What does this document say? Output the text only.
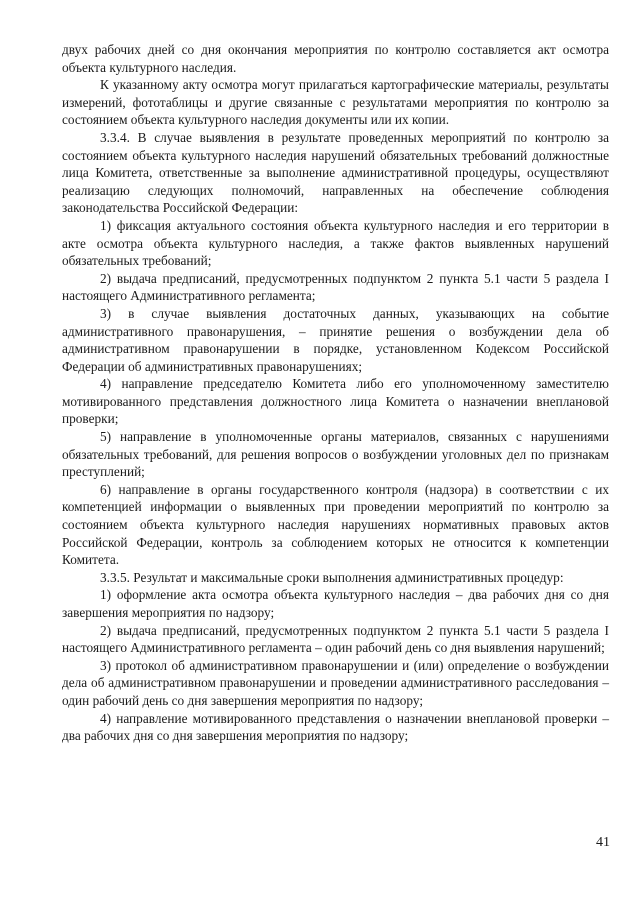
двух рабочих дней со дня окончания мероприятия по контролю составляется акт осмотра объекта культурного наследия.

К указанному акту осмотра могут прилагаться картографические материалы, результаты измерений, фототаблицы и другие связанные с результатами мероприятия по контролю за состоянием объекта культурного наследия документы или их копии.

3.3.4. В случае выявления в результате проведенных мероприятий по контролю за состоянием объекта культурного наследия нарушений обязательных требований должностные лица Комитета, ответственные за выполнение административной процедуры, осуществляют реализацию следующих полномочий, направленных на обеспечение соблюдения законодательства Российской Федерации:

1) фиксация актуального состояния объекта культурного наследия и его территории в акте осмотра объекта культурного наследия, а также фактов выявленных нарушений обязательных требований;

2) выдача предписаний, предусмотренных подпунктом 2 пункта 5.1 части 5 раздела I настоящего Административного регламента;

3) в случае выявления достаточных данных, указывающих на событие административного правонарушения, – принятие решения о возбуждении дела об административном правонарушении в порядке, установленном Кодексом Российской Федерации об административных правонарушениях;

4) направление председателю Комитета либо его уполномоченному заместителю мотивированного представления должностного лица Комитета о назначении внеплановой проверки;

5) направление в уполномоченные органы материалов, связанных с нарушениями обязательных требований, для решения вопросов о возбуждении уголовных дел по признакам преступлений;

6) направление в органы государственного контроля (надзора) в соответствии с их компетенцией информации о выявленных при проведении мероприятий по контролю за состоянием объекта культурного наследия нарушениях нормативных правовых актов Российской Федерации, контроль за соблюдением которых не относится к компетенции Комитета.

3.3.5. Результат и максимальные сроки выполнения административных процедур:

1) оформление акта осмотра объекта культурного наследия – два рабочих дня со дня завершения мероприятия по надзору;

2) выдача предписаний, предусмотренных подпунктом 2 пункта 5.1 части 5 раздела I настоящего Административного регламента – один рабочий день со дня выявления нарушений;

3) протокол об административном правонарушении и (или) определение о возбуждении дела об административном правонарушении и проведении административного расследования – один рабочий день со дня завершения мероприятия по надзору;

4) направление мотивированного представления о назначении внеплановой проверки – два рабочих дня со дня завершения мероприятия по надзору;

41
